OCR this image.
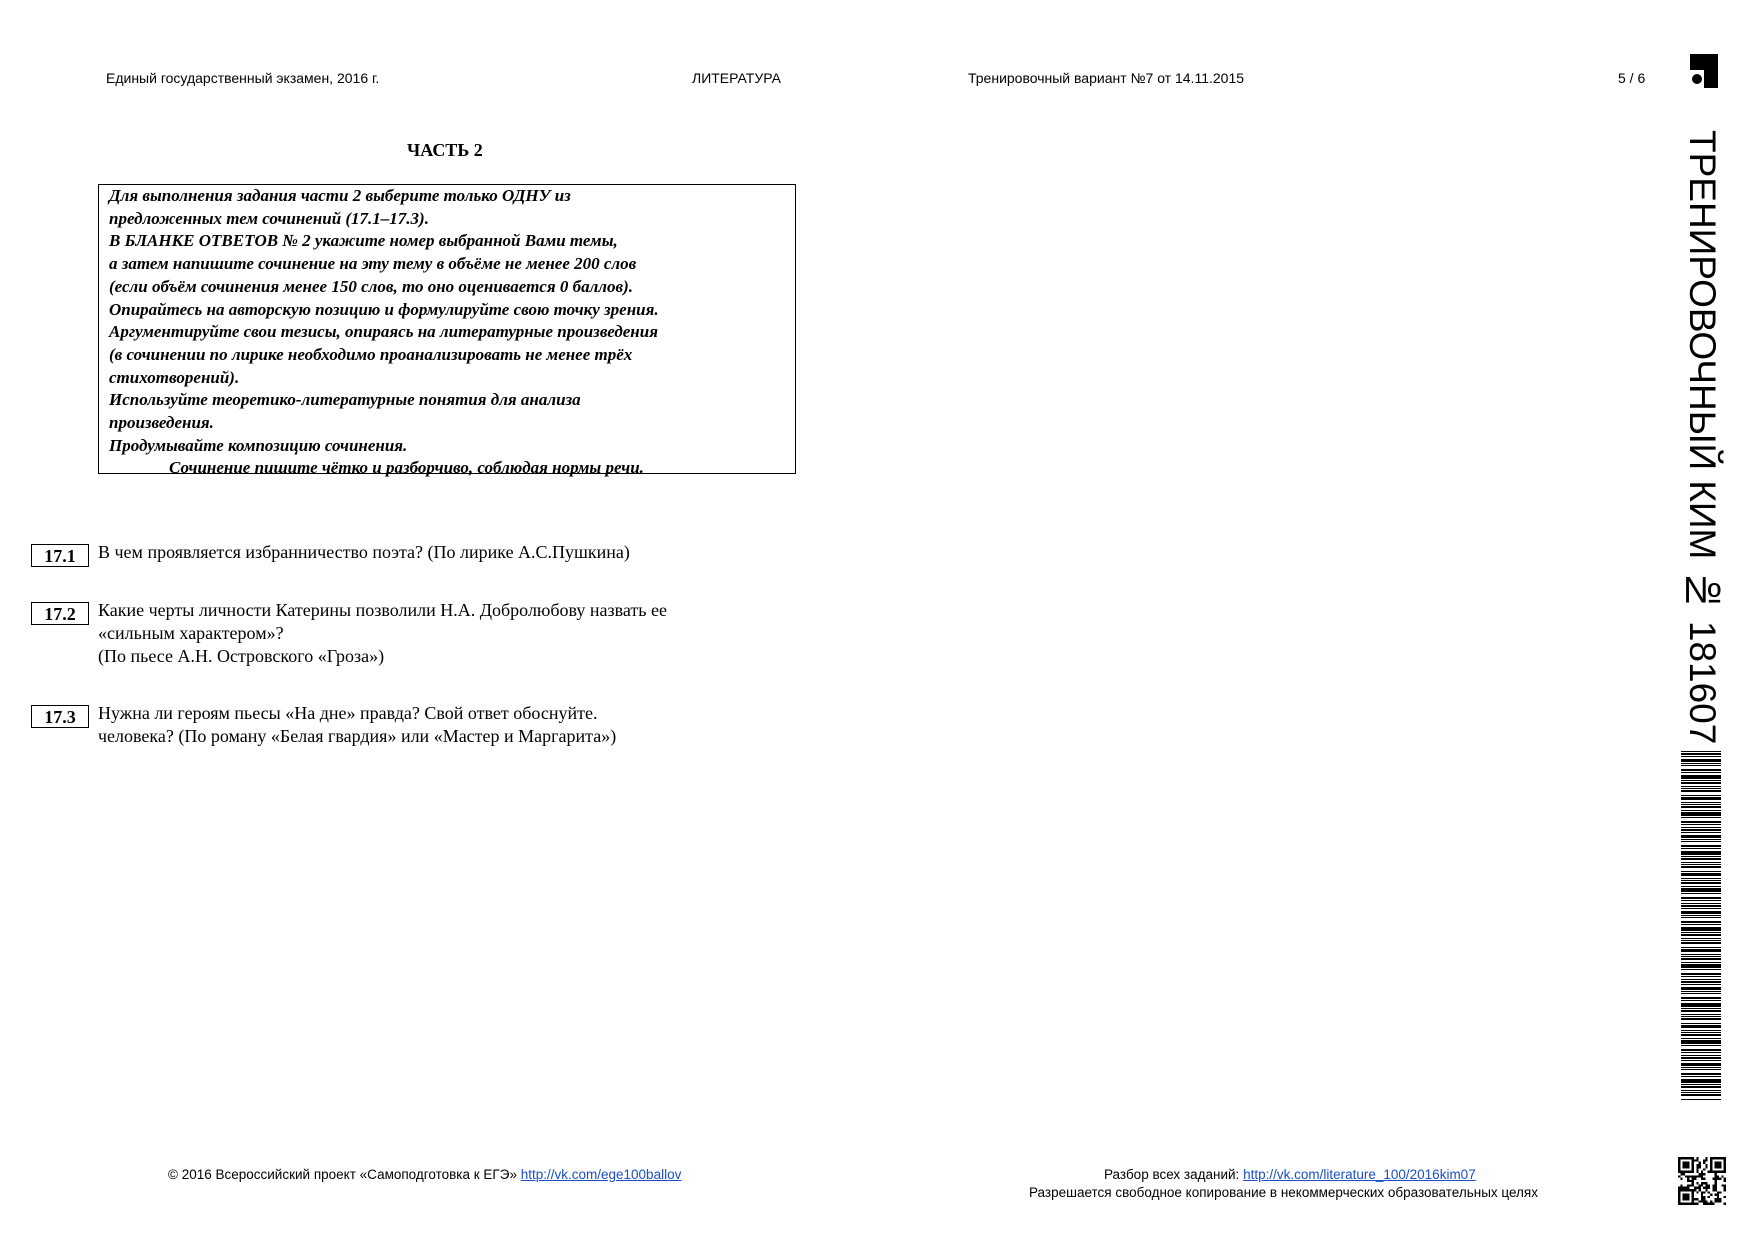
Единый государственный экзамен, 2016 г.	ЛИТЕРАТУРА	Тренировочный вариант №7 от 14.11.2015	5 / 6
ЧАСТЬ 2
Для выполнения задания части 2 выберите только ОДНУ из
предложенных тем сочинений (17.1–17.3).
В БЛАНКЕ ОТВЕТОВ № 2 укажите номер выбранной Вами темы,
а затем напишите сочинение на эту тему в объёме не менее 200 слов
(если объём сочинения менее 150 слов, то оно оценивается 0 баллов).
Опирайтесь на авторскую позицию и формулируйте свою точку зрения.
Аргументируйте свои тезисы, опираясь на литературные произведения
(в сочинении по лирике необходимо проанализировать не менее трёх
стихотворений).
Используйте теоретико-литературные понятия для анализа
произведения.
Продумывайте композицию сочинения.
Сочинение пишите чётко и разборчиво, соблюдая нормы речи.
17.1	В чем проявляется избранничество поэта? (По лирике А.С.Пушкина)
17.2	Какие черты личности Катерины позволили Н.А. Добролюбову назвать ее
«сильным характером»?
(По пьесе А.Н. Островского «Гроза»)
17.3	Нужна ли героям пьесы «На дне» правда? Свой ответ обоснуйте.
человека? (По роману «Белая гвардия» или «Мастер и Маргарита»)	ТРЕНИРОВОЧНЫЙ КИМ № 181607
© 2016 Всероссийский проект «Самоподготовка к ЕГЭ» http://vk.com/ege100ballov	Разбор всех заданий: http://vk.com/literature_100/2016kim07
Разрешается свободное копирование в некоммерческих образовательных целях
